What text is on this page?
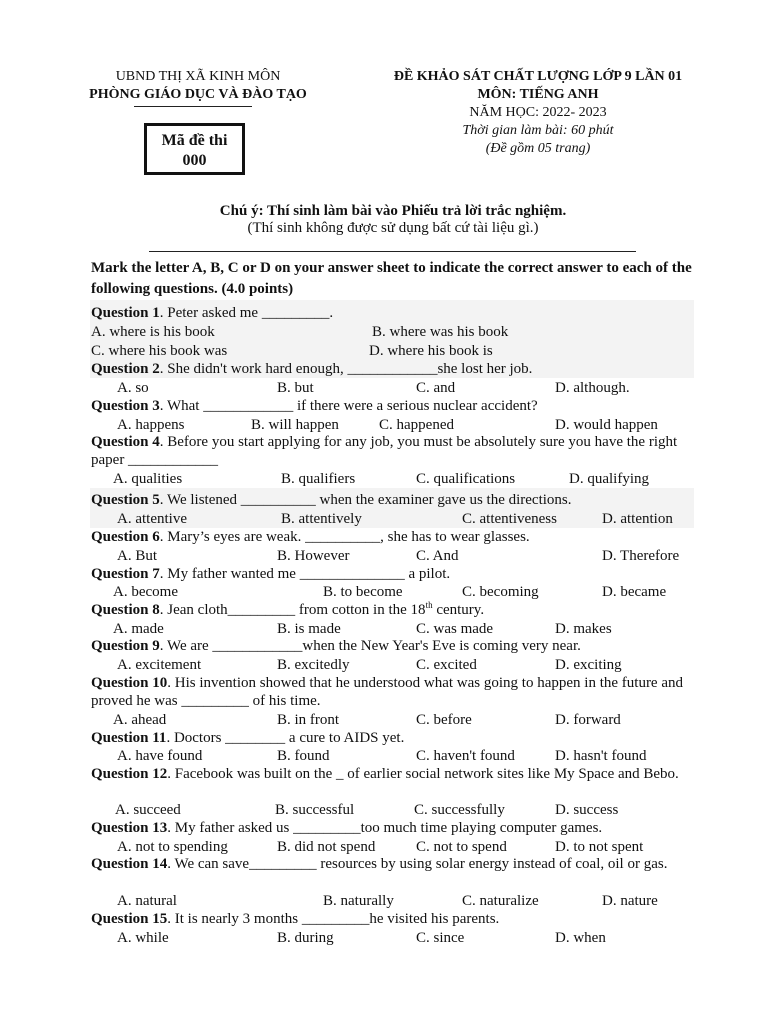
UBND THỊ XÃ KINH MÔN
PHÒNG GIÁO DỤC VÀ ĐÀO TẠO
Mã đề thi
000
ĐỀ KHẢO SÁT CHẤT LƯỢNG LỚP 9 LẦN 01
MÔN: TIẾNG ANH
NĂM HỌC: 2022- 2023
Thời gian làm bài: 60 phút
(Đề gồm 05 trang)
Chú ý: Thí sinh làm bài vào Phiếu trả lời trắc nghiệm.
(Thí sinh không được sử dụng bất cứ tài liệu gì.)
Mark the letter A, B, C or D on your answer sheet to indicate the correct answer to each of the following questions. (4.0 points)
Question 1. Peter asked me _________.
A. where is his book	B. where was his book
C. where his book was	D. where his book is
Question 2. She didn't work hard enough, ____________she lost her job.
A. so	B. but	C. and	D. although.
Question 3. What ____________ if there were a serious nuclear accident?
A. happens	B. will happen	C. happened	D. would happen
Question 4. Before you start applying for any job, you must be absolutely sure you have the right paper ____________
A. qualities	B. qualifiers	C. qualifications	D. qualifying
Question 5. We listened __________ when the examiner gave us the directions.
A. attentive	B. attentively	C. attentiveness	D. attention
Question 6. Mary’s eyes are weak. __________, she has to wear glasses.
A. But	B. However	C. And	D. Therefore
Question 7. My father wanted me ______________ a pilot.
A. become	B. to become	C. becoming	D. became
Question 8. Jean cloth_________ from cotton in the 18th century.
A. made	B. is made	C. was made	D. makes
Question 9. We are ____________when the New Year's Eve is coming very near.
A. excitement	B. excitedly	C. excited	D. exciting
Question 10. His invention showed that he understood what was going to happen in the future and proved he was _________ of his time.
A. ahead	B. in front	C. before	D. forward
Question 11. Doctors ________ a cure to AIDS yet.
A. have found	B. found	C. haven't found	D. hasn't found
Question 12. Facebook was built on the _ of earlier social network sites like My Space and Bebo.
A. succeed	B. successful	C. successfully	D. success
Question 13. My father asked us _________too much time playing computer games.
A. not to spending	B. did not spend	C. not to spend	D. to not spent
Question 14. We can save_________ resources by using solar energy instead of coal, oil or gas.
A. natural	B. naturally	C. naturalize	D. nature
Question 15. It is nearly 3 months _________he visited his parents.
A. while	B. during	C. since	D. when
